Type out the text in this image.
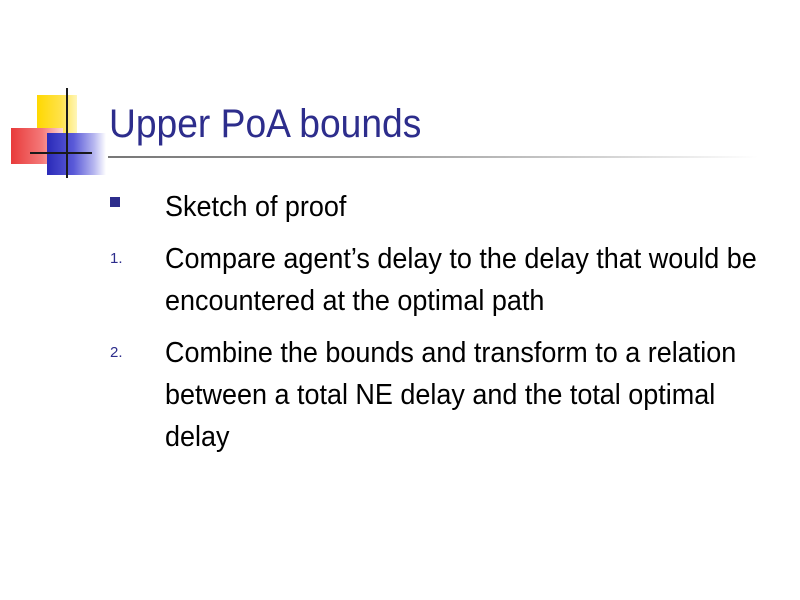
Upper PoA bounds
Sketch of proof
1. Compare agent’s delay to the delay that would be encountered at the optimal path
2. Combine the bounds and transform to a relation between a total NE delay and the total optimal delay
